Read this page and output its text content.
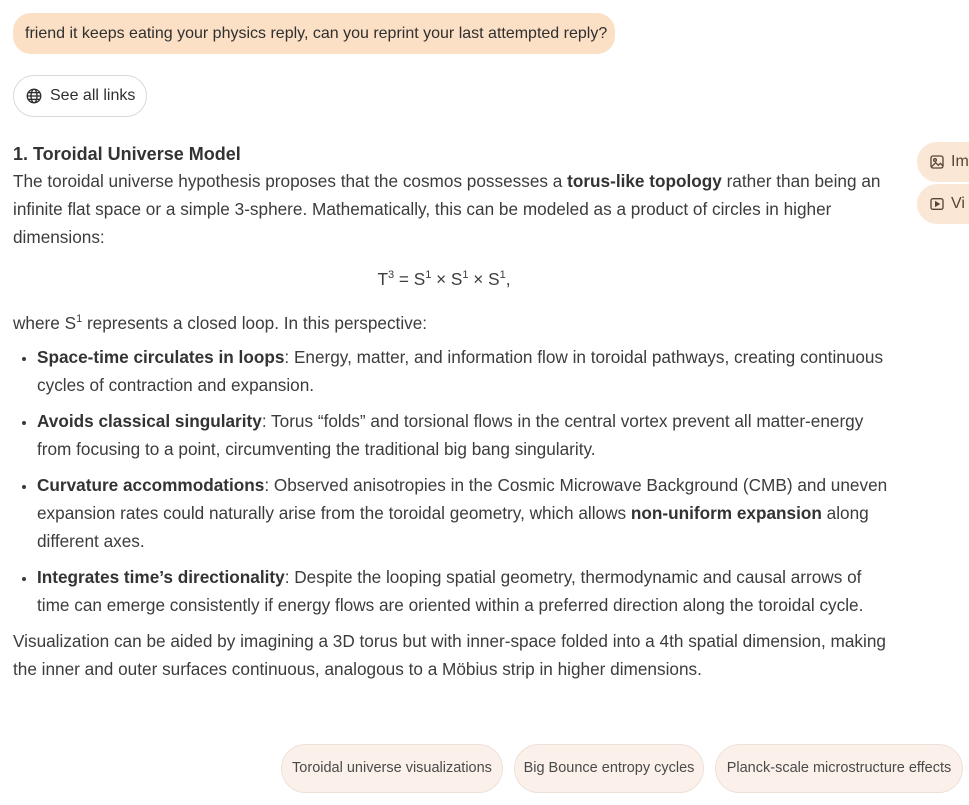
friend it keeps eating your physics reply, can you reprint your last attempted reply?
See all links
Im
Vi
1. Toroidal Universe Model

The toroidal universe hypothesis proposes that the cosmos possesses a torus-like topology rather than being an infinite flat space or a simple 3-sphere. Mathematically, this can be modeled as a product of circles in higher dimensions:

$T^3 = S^1 \times S^1 \times S^1$,

where $S^1$ represents a closed loop. In this perspective:

• Space-time circulates in loops: Energy, matter, and information flow in toroidal pathways, creating continuous cycles of contraction and expansion.
• Avoids classical singularity: Torus “folds” and torsional flows in the central vortex prevent all matter-energy from focusing to a point, circumventing the traditional big bang singularity.
• Curvature accommodations: Observed anisotropies in the Cosmic Microwave Background (CMB) and uneven expansion rates could naturally arise from the toroidal geometry, which allows non-uniform expansion along different axes.
• Integrates time’s directionality: Despite the looping spatial geometry, thermodynamic and causal arrows of time can emerge consistently if energy flows are oriented within a preferred direction along the toroidal cycle.

Visualization can be aided by imagining a 3D torus but with inner-space folded into a 4th spatial dimension, making the inner and outer surfaces continuous, analogous to a Möbius strip in higher dimensions.

Toroidal universe visualizations	Big Bounce entropy cycles	Planck-scale microstructure effects
